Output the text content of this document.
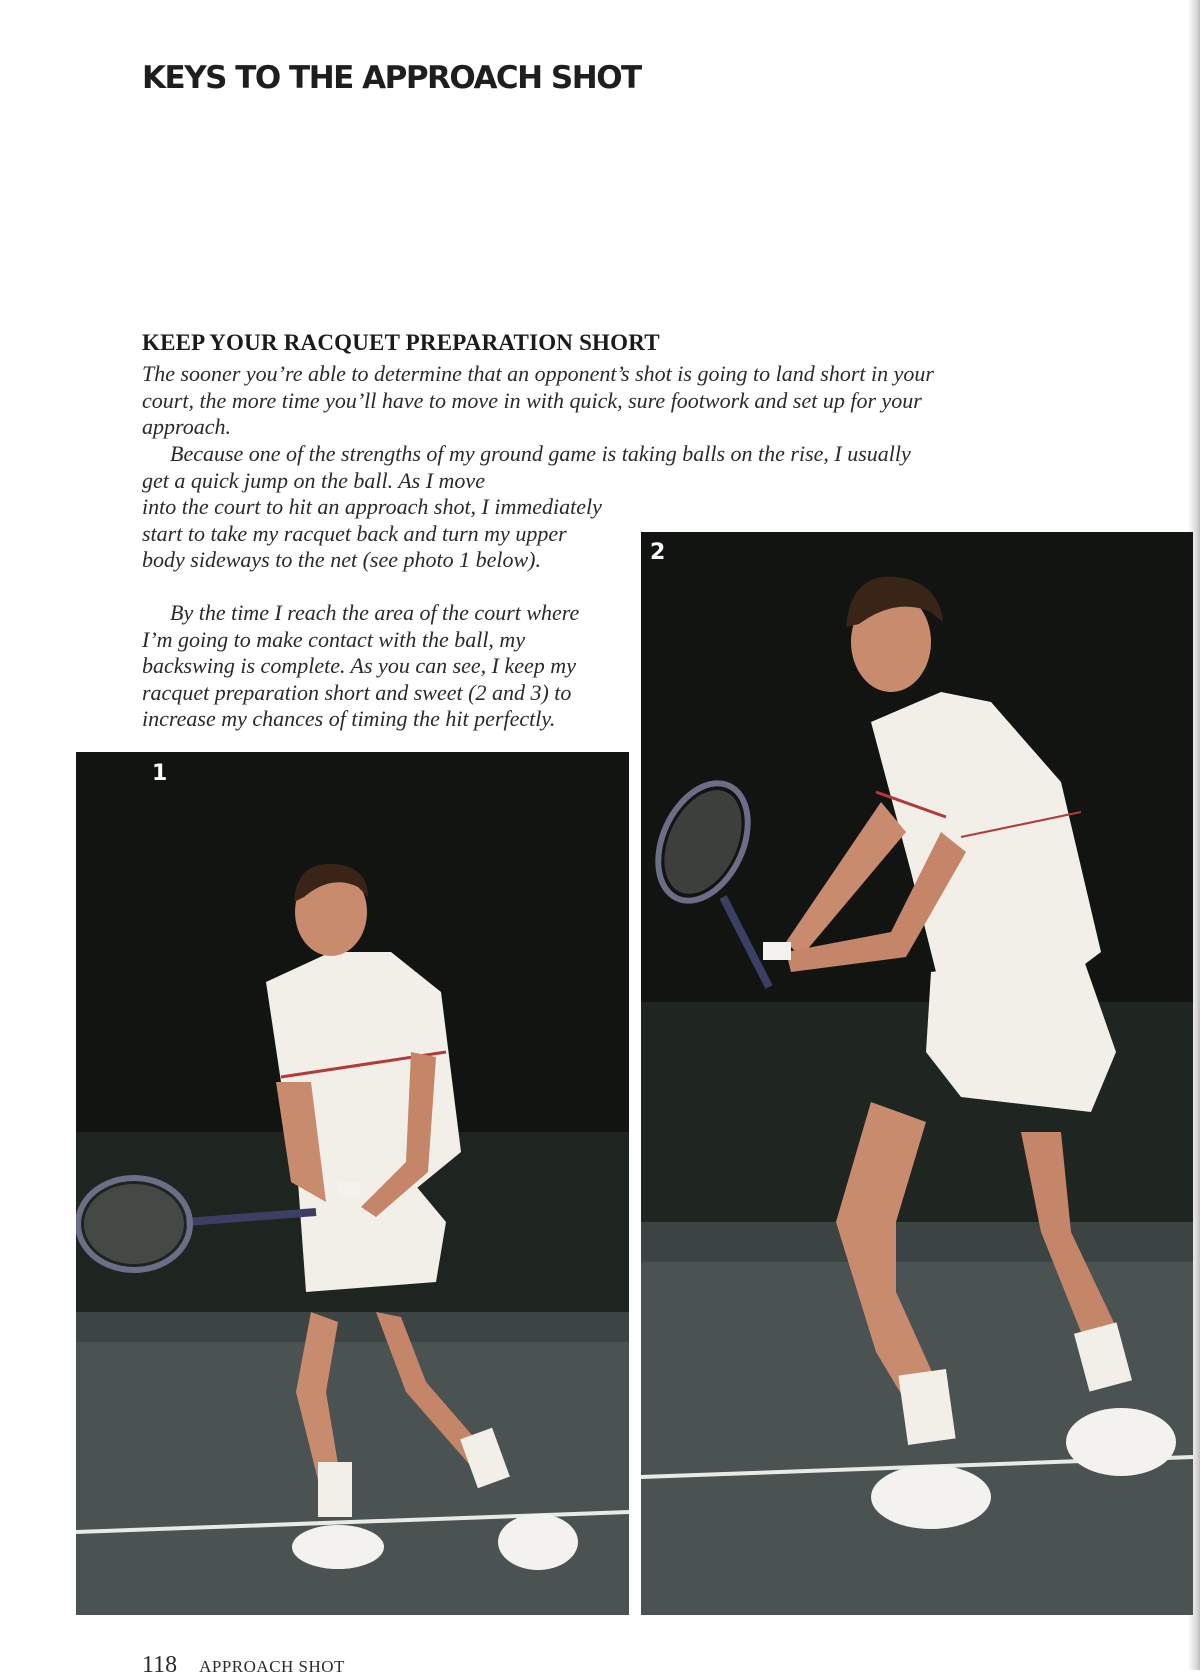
KEYS TO THE APPROACH SHOT
KEEP YOUR RACQUET PREPARATION SHORT

The sooner you’re able to determine that an opponent’s shot is going to land short in your court, the more time you’ll have to move in with quick, sure footwork and set up for your approach.

Because one of the strengths of my ground game is taking balls on the rise, I usually get a quick jump on the ball. As I move

into the court to hit an approach shot, I immediately start to take my racquet back and turn my upper body sideways to the net (see photo 1 below).

By the time I reach the area of the court where I’m going to make contact with the ball, my backswing is complete. As you can see, I keep my racquet preparation short and sweet (2 and 3) to increase my chances of timing the hit perfectly.

1
2
118 APPROACH SHOT
